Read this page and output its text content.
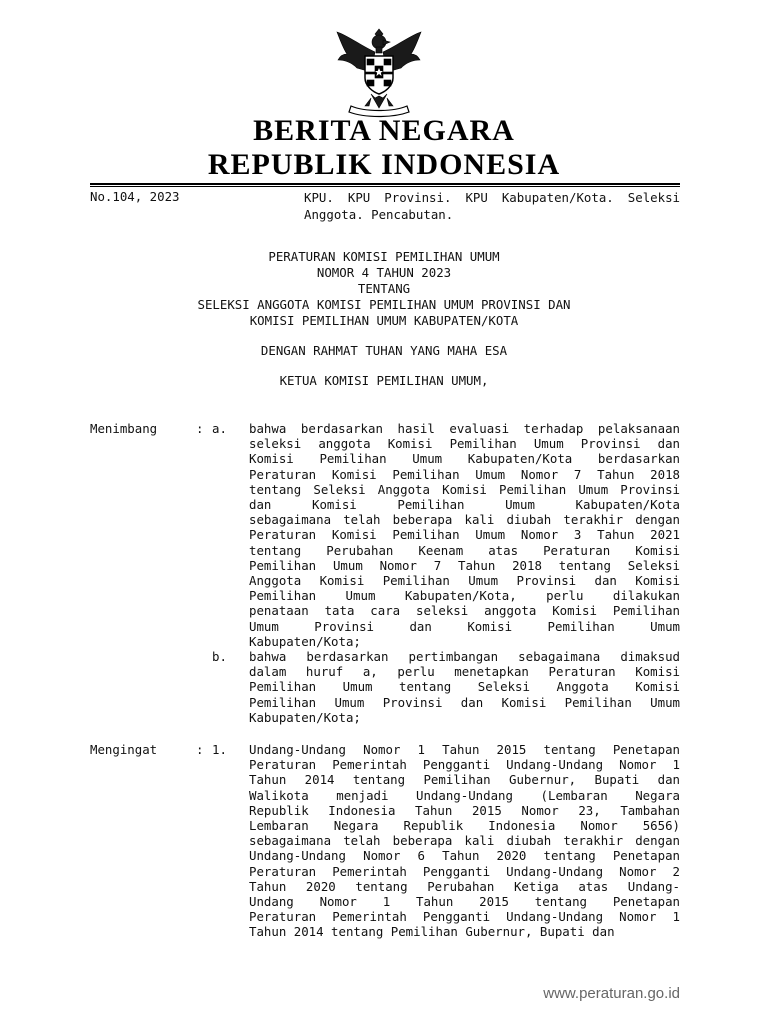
BERITA NEGARA
REPUBLIK INDONESIA
No.104, 2023	KPU. KPU Provinsi. KPU Kabupaten/Kota. Seleksi Anggota. Pencabutan.
PERATURAN KOMISI PEMILIHAN UMUM
NOMOR 4 TAHUN 2023
TENTANG
SELEKSI ANGGOTA KOMISI PEMILIHAN UMUM PROVINSI DAN
KOMISI PEMILIHAN UMUM KABUPATEN/KOTA
DENGAN RAHMAT TUHAN YANG MAHA ESA
KETUA KOMISI PEMILIHAN UMUM,
Menimbang	: a. bahwa berdasarkan hasil evaluasi terhadap pelaksanaan
seleksi anggota Komisi Pemilihan Umum Provinsi dan
Komisi Pemilihan Umum Kabupaten/Kota berdasarkan
Peraturan Komisi Pemilihan Umum Nomor 7 Tahun 2018
tentang Seleksi Anggota Komisi Pemilihan Umum Provinsi
dan Komisi Pemilihan Umum Kabupaten/Kota
sebagaimana telah beberapa kali diubah terakhir dengan
Peraturan Komisi Pemilihan Umum Nomor 3 Tahun 2021
tentang Perubahan Keenam atas Peraturan Komisi
Pemilihan Umum Nomor 7 Tahun 2018 tentang Seleksi
Anggota Komisi Pemilihan Umum Provinsi dan Komisi
Pemilihan Umum Kabupaten/Kota, perlu dilakukan
penataan tata cara seleksi anggota Komisi Pemilihan
Umum Provinsi dan Komisi Pemilihan Umum
Kabupaten/Kota;
b. bahwa berdasarkan pertimbangan sebagaimana dimaksud
dalam huruf a, perlu menetapkan Peraturan Komisi
Pemilihan Umum tentang Seleksi Anggota Komisi
Pemilihan Umum Provinsi dan Komisi Pemilihan Umum
Kabupaten/Kota;
Mengingat	: 1. Undang-Undang Nomor 1 Tahun 2015 tentang Penetapan
Peraturan Pemerintah Pengganti Undang-Undang Nomor 1
Tahun 2014 tentang Pemilihan Gubernur, Bupati dan
Walikota menjadi Undang-Undang (Lembaran Negara
Republik Indonesia Tahun 2015 Nomor 23, Tambahan
Lembaran Negara Republik Indonesia Nomor 5656)
sebagaimana telah beberapa kali diubah terakhir dengan
Undang-Undang Nomor 6 Tahun 2020 tentang Penetapan
Peraturan Pemerintah Pengganti Undang-Undang Nomor 2
Tahun 2020 tentang Perubahan Ketiga atas Undang-
Undang Nomor 1 Tahun 2015 tentang Penetapan
Peraturan Pemerintah Pengganti Undang-Undang Nomor 1
Tahun 2014 tentang Pemilihan Gubernur, Bupati dan
www.peraturan.go.id
